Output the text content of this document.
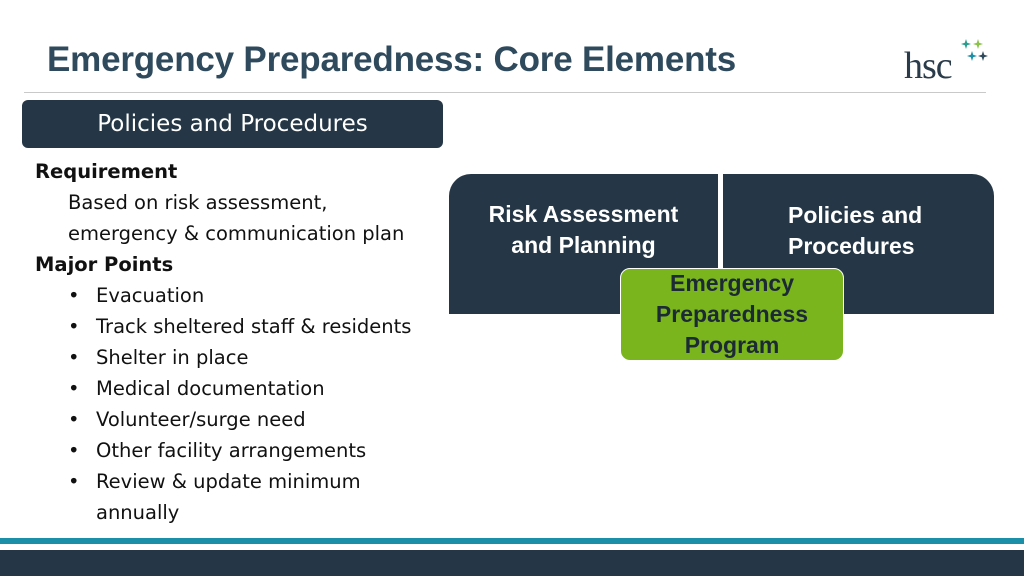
Emergency Preparedness: Core Elements	hsc
Policies and Procedures
Requirement
Based on risk assessment,
emergency & communication plan
Major Points
• Evacuation
• Track sheltered staff & residents
• Shelter in place
• Medical documentation
• Volunteer/surge need
• Other facility arrangements
• Review & update minimum
annually
Risk Assessment
and Planning
Policies and
Procedures
Emergency
Preparedness
Program
